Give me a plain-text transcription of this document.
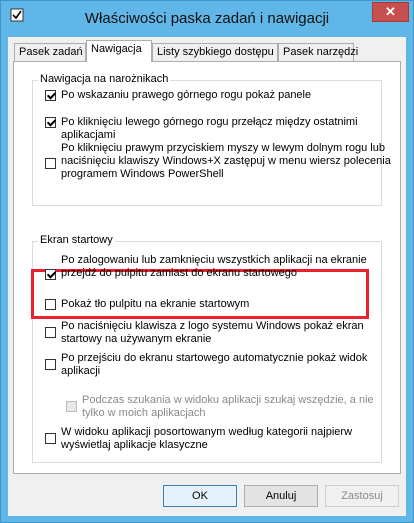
Właściwości paska zadań i nawigacji	✕
Pasek zadań Nawigacja	Listy szybkiego dostępu Pasek narzędzi
Nawigacja na narożnikach
Po wskazaniu prawego górnego rogu pokaż panele
Po kliknięciu lewego górnego rogu przełącz między ostatnimi
aplikacjami
Po kliknięciu prawym przyciskiem myszy w lewym dolnym rogu lub
naciśnięciu klawiszy Windows+X zastępuj w menu wiersz polecenia
programem Windows PowerShell
Ekran startowy
Po zalogowaniu lub zamknięciu wszystkich aplikacji na ekranie
przejdź do pulpitu zamiast do ekranu startowego
Pokaż tło pulpitu na ekranie startowym
Po naciśnięciu klawisza z logo systemu Windows pokaż ekran
startowy na używanym ekranie
Po przejściu do ekranu startowego automatycznie pokaż widok
aplikacji
Podczas szukania w widoku aplikacji szukaj wszędzie, a nie
tylko w moich aplikacjach
W widoku aplikacji posortowanym według kategorii najpierw
wyświetlaj aplikacje klasyczne
OK	Anuluj	Zastosuj
